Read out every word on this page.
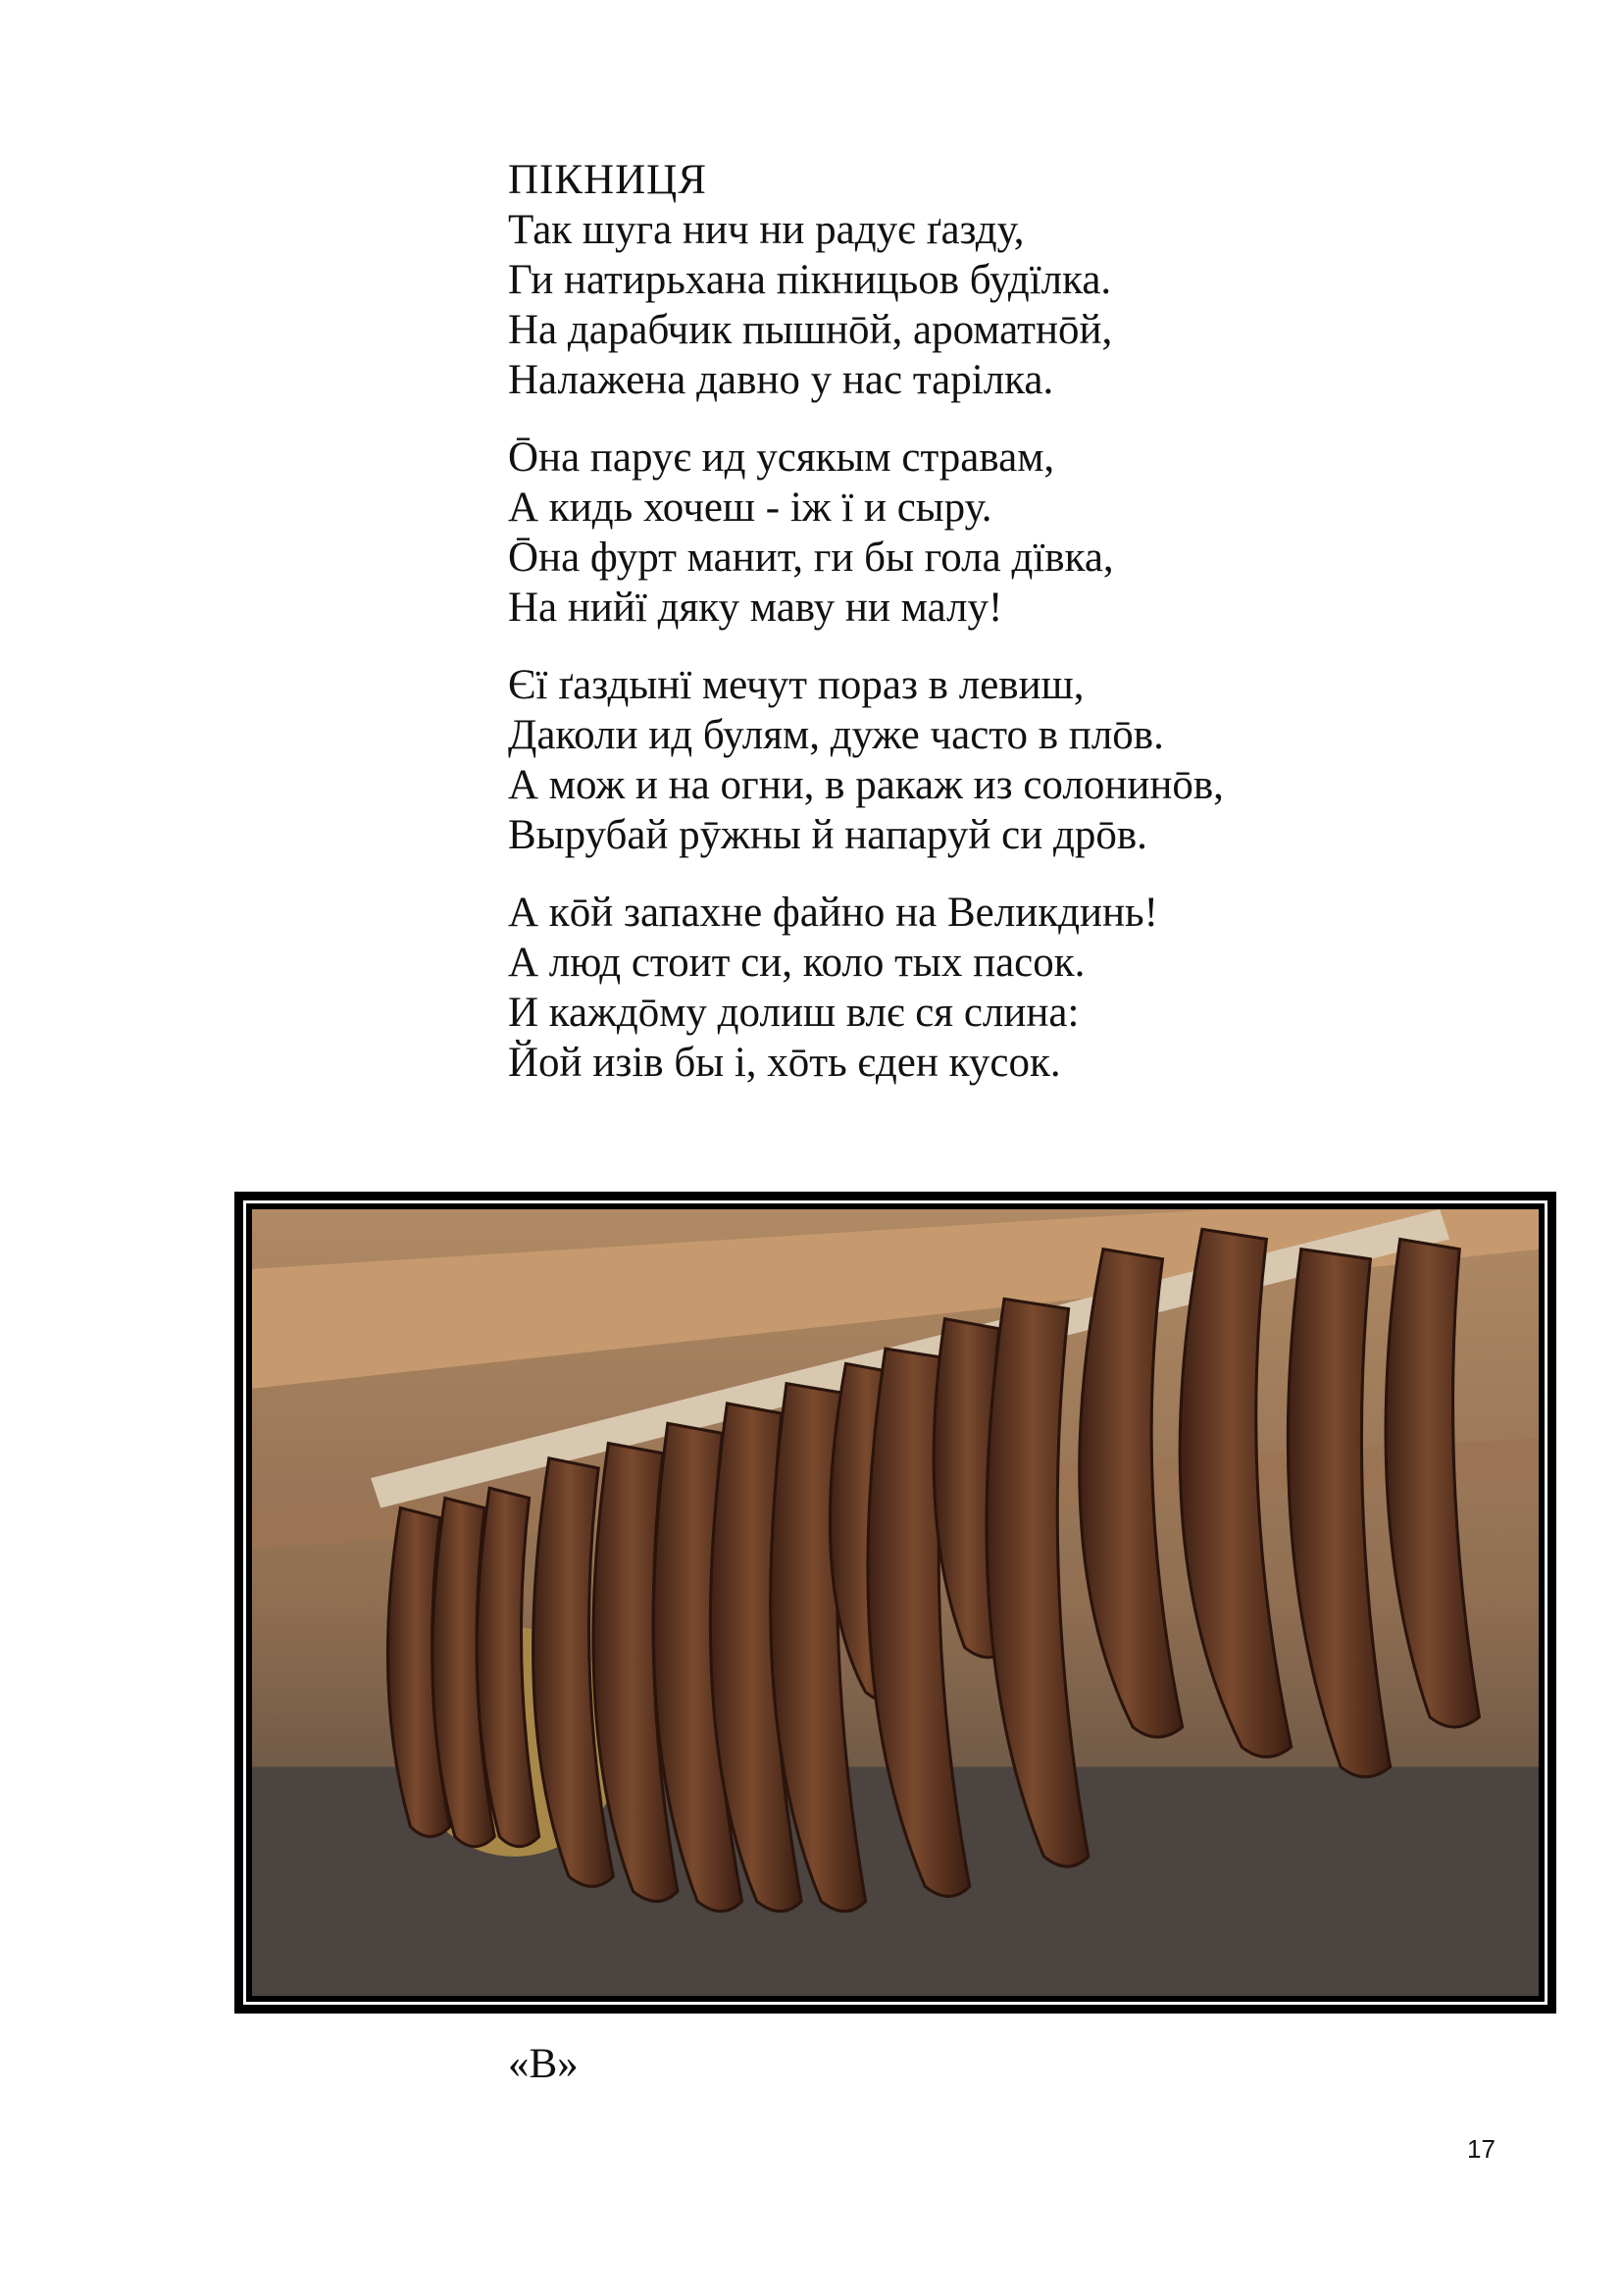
ПІКНИЦЯ
Так шуга нич ни радує ґазду,
Ги натирьхана пікницьов будїлка.
На дарабчик пышнōй, ароматнōй,
Налажена давно у нас тарілка.
Ōна парує ид усякым стравам,
А кидь хочеш - іж ї и сыру.
Ōна фурт манит, ги бы гола дївка,
На нийї дяку маву ни малу!
Єї ґаздынї мечут пораз в левиш,
Даколи ид булям, дуже часто в плōв.
А мож и на огни, в ракаж из солонинōв,
Вырубай рӯжны й напаруй си дрōв.
А кōй запахне файно на Великдинь!
А люд стоит си, коло тых пасок.
И каждōму долиш влє ся слина:
Йой изів бы і, хōть єден кусок.
«В»
17
